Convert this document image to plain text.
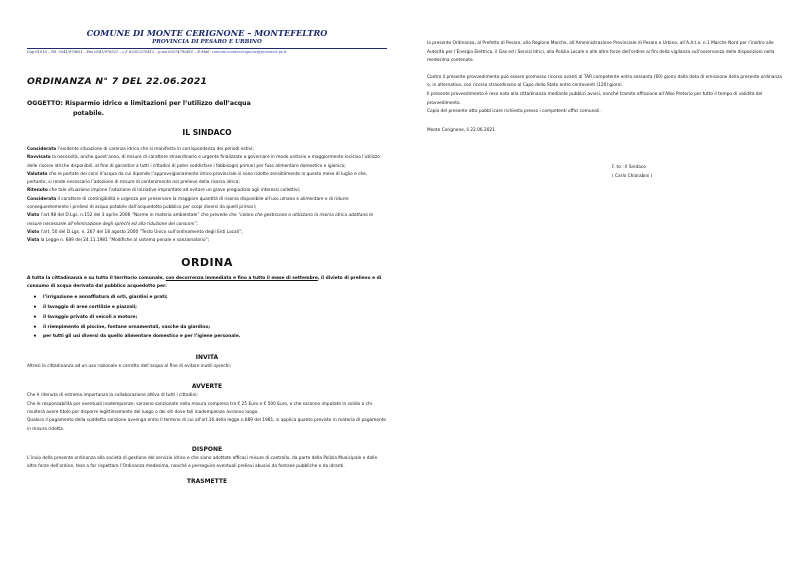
COMUNE DI MONTE CERIGNONE – MONTEFELTRO
PROVINCIA DI PESARO E URBINO
Cap 61010 – Tel. 0541/978631 – Fax 0541/978522 – c.f. 82012370412 – p.iva 00374790410 – E-Mail: comune.montecerignone@provincia.ps.it
ORDINANZA N° 7 DEL 22.06.2021
OGGETTO: Risparmio idrico e limitazioni per l’utilizzo dell’acqua
potabile.
IL SINDACO

Considerata l’evidente situazione di carenza idrica che si manifesta in corrispondenza dei periodi estivi;

Ravvisata la necessità, anche quest’anno, di misure di carattere straordinario e urgente finalizzate a governare in modo unitario e maggiormente incisivo l’utilizzo delle risorse idriche disponibili, al fine di garantire a tutti i cittadini di poter soddisfare i fabbisogni primari per fuso alimentare domestico e igienico;

Valutato che le portate dei corsi d’acqua da cui dipende l’approvvigionamento idrico provinciale si sono ridotte sensibilmente in questo mese di luglio e che, pertanto, si rende necessario l’adozione di misure di contenimento nel prelievo della risorsa idrica;

Ritenuto che tale situazione impone l’adozione di iniziative improntate ad evitare un grave pregiudizio agli interessi collettivi;

Considerata il carattere di contingibilità e urgenza per preservare la maggiore quantità di risorsa disponibile all’uso umano e alimentare e di ridurre conseguentemente i prelievi di acqua potabile dall’acquedotto pubblico per scopi diversi da quelli primari;

Visto l’art.98 del D.Lgs. n.152 del 3 aprile 2006 “Norme in materia ambientale” che prevede che “coloro che gestiscono o utilizzano la risorsa idrica adottano le misure necessarie all’eliminazione degli sprechi ed alla riduzione dei consumi”;

Visto l’art. 50 del D.Lgs. n. 267 del 18 agosto 2000 “Testo Unico sull’ordinamento degli Enti Locali”;

Vista la Legge n. 689 del 24.11.1981 “Modifiche al sistema penale e sanzionatorio”;

ORDINA
A tutta la cittadinanza e su tutto il territorio comunale, con decorrenza immediata e fino a tutto il mese di settembre, il divieto di prelievo e di consumo di acqua derivata dal pubblico acquedotto per:
• l’irrigazione e annaffiatura di orti, giardini e prati;
• il lavaggio di aree cortilizie e piazzali;
• il lavaggio privato di veicoli a motore;
• il riempimento di piscine, fontane ornamentali, vasche da giardino;
• per tutti gli usi diversi da quello alimentare domestico e per l’igiene personale.
INVITA
Altresì la cittadinanza ad un uso razionale e corretto dell’acqua al fine di evitare inutili sprechi;
AVVERTE

Che è ritenuta di estrema importanza la collaborazione attiva di tutti i cittadini;

Che le responsabilità per eventuali inadempienze, saranno sanzionate nella misura compresa tra € 25 Euro e € 500 Euro, e che saranno imputate in solido a chi risulterà avere titolo per disporre legittimamente del luogo o dei siti dove tali inadempienze avranno luogo.

Qualora il pagamento della suddetta sanzione avvenga entro il termine di cui all’art.16 della legge n.689 del 1981, si applica quanto previsto in materia di pagamento in misura ridotta.

DISPONE
L’invio della presente ordinanza alla società di gestione del servizio idrico e che siano adottate efficaci misure di controllo, da parte della Polizia Municipale e dalle altre forze dell’ordine, tese a far rispettare l’Ordinanza medesima, nonché a perseguire eventuali prelievi abusivi da fontane pubbliche e da idranti.
TRASMETTE

la presente Ordinanza, al Prefetto di Pesaro, alla Regione Marche, all’Amministrazione Provinciale di Pesaro e Urbino, all’A.A.t.o. n.1 Marche Nord per l’inoltro alle Autorità per l’Energia Elettrica, il Gas ed i Servizi Idrici, alla Polizia Locale e alle altre forze dell’ordine ai fini della vigilanza sull’osservanza delle disposizioni nella medesima contenute.

Contro il presente provvedimento può essere promosso ricorso avanti al TAR competente entro sessanta (60) giorni dalla data di emissione della presente ordinanza o, in alternativa, con ricorso straordinario al Capo dello Stato entro centoventi (120) giorni.

Il presente provvedimento è reso noto alla cittadinanza mediante pubblici avvisi, nonché tramite affissione all’Albo Pretorio per tutto il tempo di validità del provvedimento.

Copia del presente atto pubbl icare richiesta presso i competenti uffici comunali.

Monte Cerignone, li 22.06.2021

F. to : Il Sindaco
( Carlo Chiarabini )
